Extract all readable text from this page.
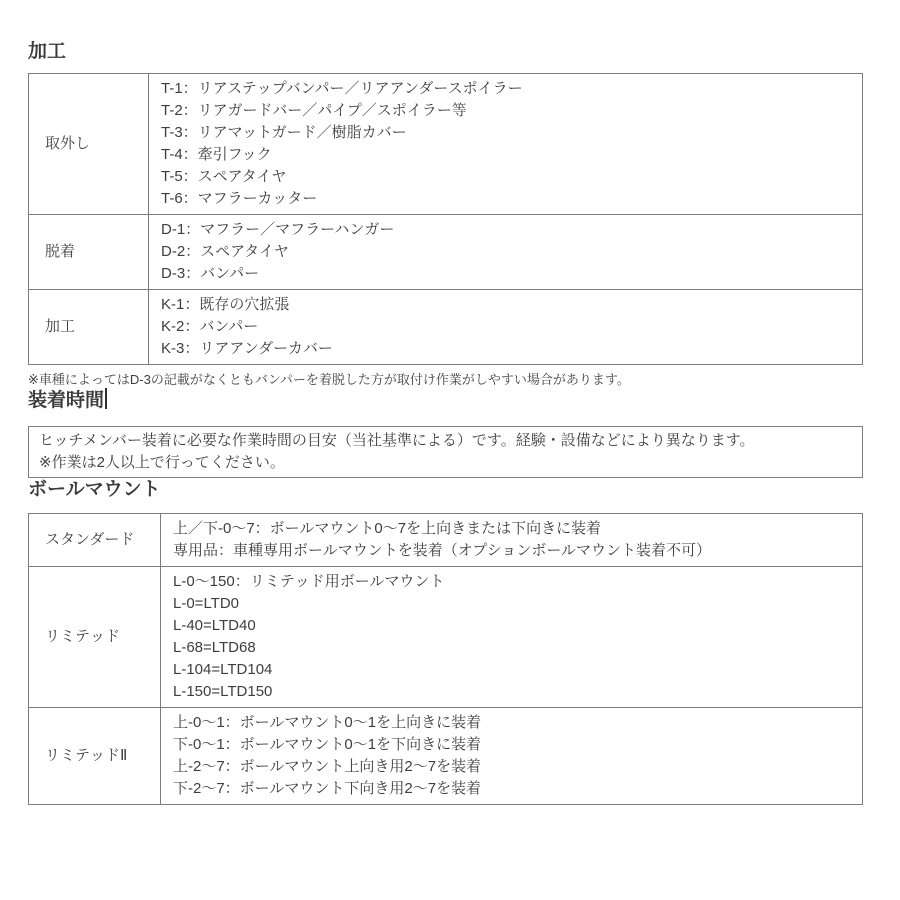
加工
取外し	
T-1：リアステップバンパー／リアアンダースポイラー
T-2：リアガードバー／パイプ／スポイラー等
T-3：リアマットガード／樹脂カバー
T-4：牽引フック
T-5：スペアタイヤ
T-6：マフラーカッター

脱着	D-1：マフラー／マフラーハンガー
D-2：スペアタイヤ
D-3：バンパー

加工	K-1：既存の穴拡張
K-2：バンパー
K-3：リアアンダーカバー
※車種によってはD-3の記載がなくともバンパーを着脱した方が取付け作業がしやすい場合があります。
装着時間
ヒッチメンバー装着に必要な作業時間の目安（当社基準による）です。経験・設備などにより異なります。
※作業は2人以上で行ってください。
ボールマウント
スタンダード	上／下-0〜7：ボールマウント0〜7を上向きまたは下向きに装着
専用品：車種専用ボールマウントを装着（オプションボールマウント装着不可）

リミテッド	
L-0〜150：リミテッド用ボールマウント
L-0=LTD0
L-40=LTD40
L-68=LTD68
L-104=LTD104
L-150=LTD150

リミテッドⅡ	上-0〜1：ボールマウント0〜1を上向きに装着
下-0〜1：ボールマウント0〜1を下向きに装着
上-2〜7：ボールマウント上向き用2〜7を装着
下-2〜7：ボールマウント下向き用2〜7を装着
